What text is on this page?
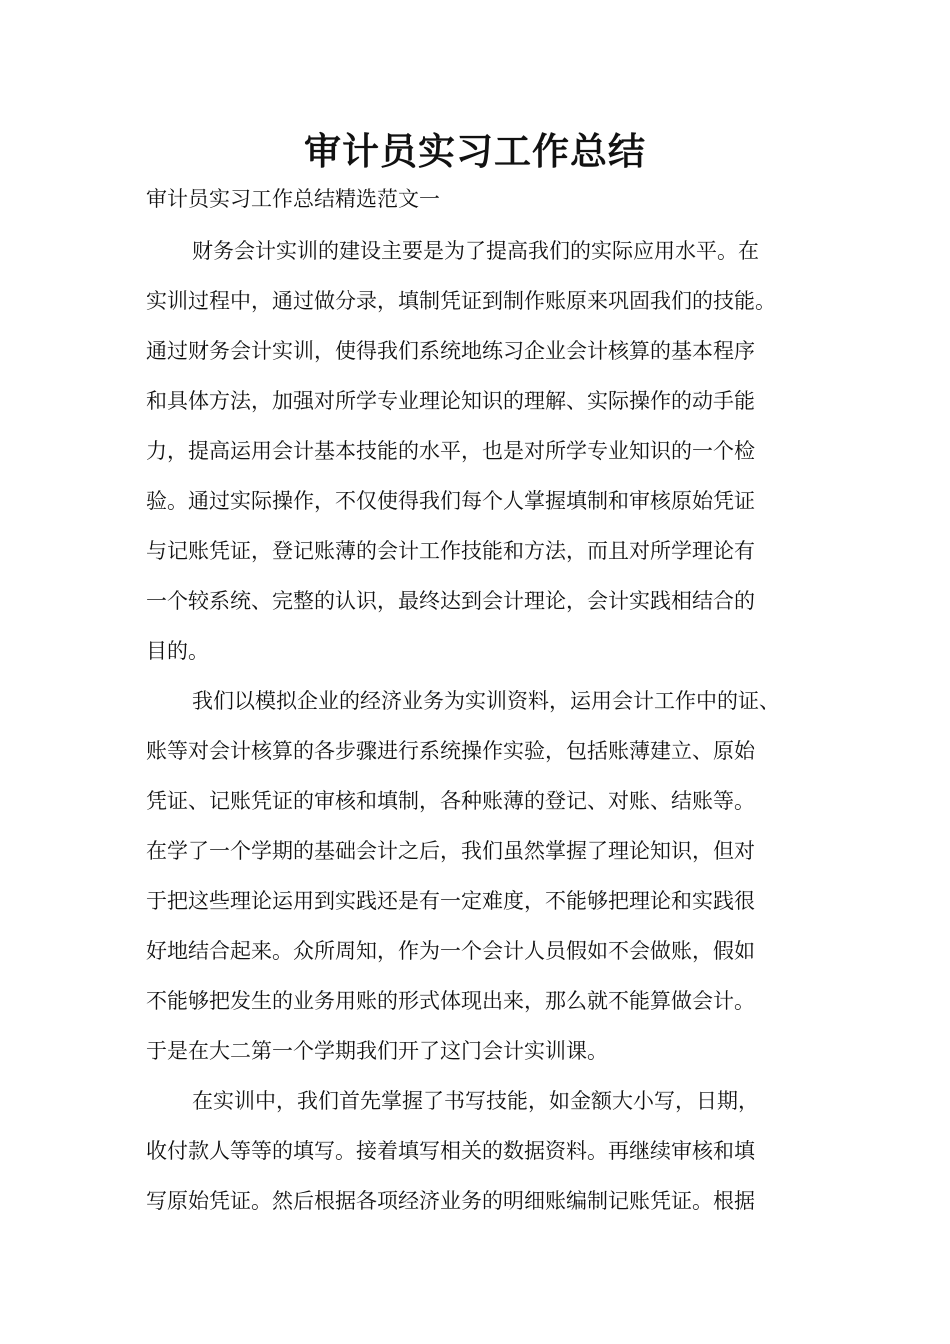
审计员实习工作总结

审计员实习工作总结精选范文一

财务会计实训的建设主要是为了提高我们的实际应用水平。在

实训过程中，通过做分录，填制凭证到制作账原来巩固我们的技能。

通过财务会计实训，使得我们系统地练习企业会计核算的基本程序

和具体方法，加强对所学专业理论知识的理解、实际操作的动手能

力，提高运用会计基本技能的水平，也是对所学专业知识的一个检

验。通过实际操作，不仅使得我们每个人掌握填制和审核原始凭证

与记账凭证，登记账薄的会计工作技能和方法，而且对所学理论有

一个较系统、完整的认识，最终达到会计理论，会计实践相结合的

目的。

我们以模拟企业的经济业务为实训资料，运用会计工作中的证、

账等对会计核算的各步骤进行系统操作实验，包括账薄建立、原始

凭证、记账凭证的审核和填制，各种账薄的登记、对账、结账等。

在学了一个学期的基础会计之后，我们虽然掌握了理论知识，但对

于把这些理论运用到实践还是有一定难度，不能够把理论和实践很

好地结合起来。众所周知，作为一个会计人员假如不会做账，假如

不能够把发生的业务用账的形式体现出来，那么就不能算做会计。

于是在大二第一个学期我们开了这门会计实训课。

在实训中，我们首先掌握了书写技能，如金额大小写，日期，

收付款人等等的填写。接着填写相关的数据资料。再继续审核和填

写原始凭证。然后根据各项经济业务的明细账编制记账凭证。根据
